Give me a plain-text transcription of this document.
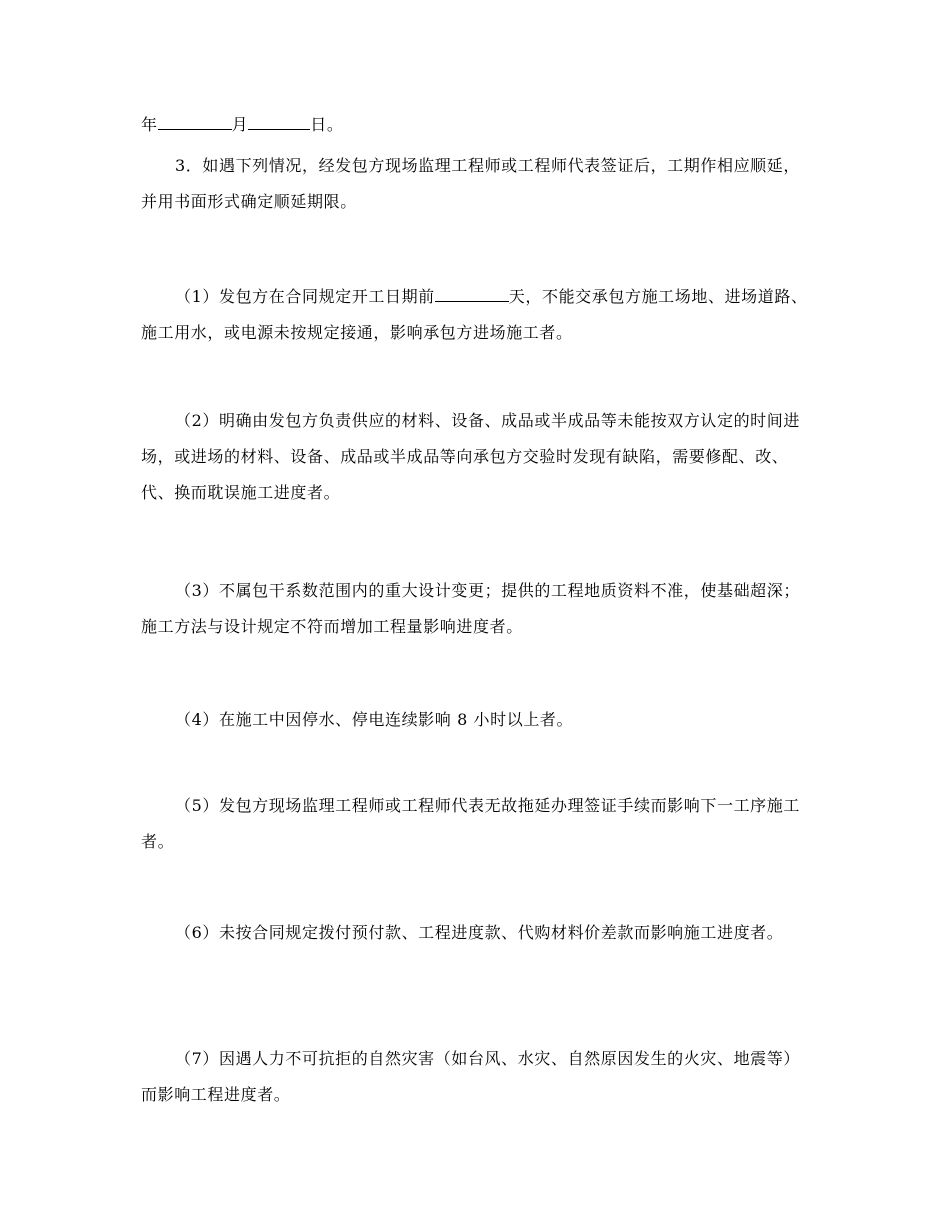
年	月	日。

3．如遇下列情况，经发包方现场监理工程师或工程师代表签证后，工期作相应顺延，并用书面形式确定顺延期限。

（1）发包方在合同规定开工日期前	天，不能交承包方施工场地、进场道路、施工用水，或电源未按规定接通，影响承包方进场施工者。

（2）明确由发包方负责供应的材料、设备、成品或半成品等未能按双方认定的时间进场，或进场的材料、设备、成品或半成品等向承包方交验时发现有缺陷，需要修配、改、代、换而耽误施工进度者。

（3）不属包干系数范围内的重大设计变更；提供的工程地质资料不准，使基础超深；施工方法与设计规定不符而增加工程量影响进度者。

（4）在施工中因停水、停电连续影响 8 小时以上者。

（5）发包方现场监理工程师或工程师代表无故拖延办理签证手续而影响下一工序施工者。

（6）未按合同规定拨付预付款、工程进度款、代购材料价差款而影响施工进度者。

（7）因遇人力不可抗拒的自然灾害（如台风、水灾、自然原因发生的火灾、地震等）而影响工程进度者。
